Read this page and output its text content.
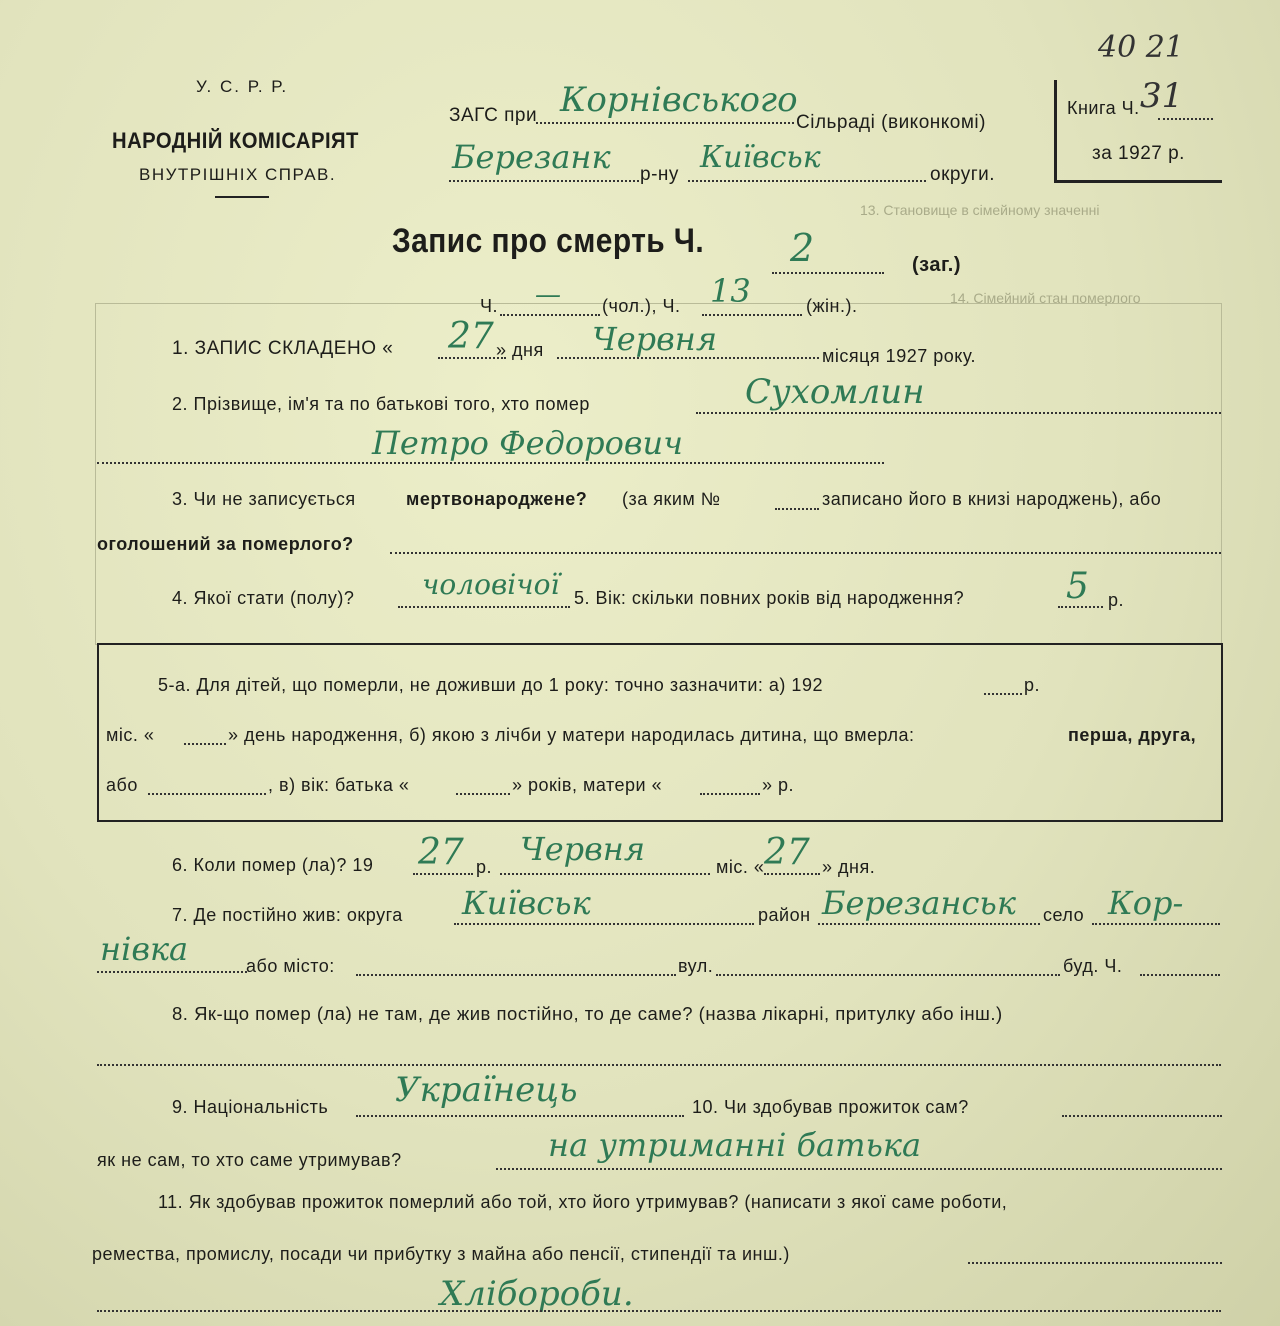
13. Становище в сімейному значенні
14. Сімейний стан померлого
У. С. Р. Р.
НАРОДНІЙ КОМІСАРІЯТ
ВНУТРІШНІХ СПРАВ.
ЗАГС при Корнівського
Сільраді (виконкомі)
Березанк р-ну Київськ	округи.
40 21
Книга Ч. 31
за 1927 р.
Запис про смерть Ч. 2	(заг.)
Ч. — (чол.), Ч. 13	(жін.).
1. ЗАПИС СКЛАДЕНО « 27 » дня Червня	місяця 1927 року.
2. Прізвище, ім'я та по батькові того, хто помер	Сухомлин
Петро Федорович
3. Чи не записується	мертвонароджене? (за яким №	записано його в книзі народжень), або
оголошений за померлого?
4. Якої стати (полу)? чоловічої 5. Вік: скільки повних років від народження?	5 р.
5-а. Для дітей, що померли, не доживши до 1 року: точно зазначити: а) 192	р.
міс. «	» день народження, б) якою з лічби у матери народилась дитина, що вмерла:	перша, друга,
або	, в) вік: батька «	» років, матери «	» р.
6. Коли помер (ла)? 19 27 р. Червня	міс. « 27 » дня.
7. Де постійно жив: округа Київськ	район Березанськ село Кор-
нівка	або місто:	вул.	буд. Ч.
8. Як-що помер (ла) не там, де жив постійно, то де саме? (назва лікарні, притулку або інш.)
9. Національність Українець	10. Чи здобував прожиток сам?
як не сам, то хто саме утримував?	на утриманні батька
11. Як здобував прожиток померлий або той, хто його утримував? (написати з якої саме роботи,
ремества, промислу, посади чи прибутку з майна або пенсії, стипендії та инш.)
Хлібороби.
